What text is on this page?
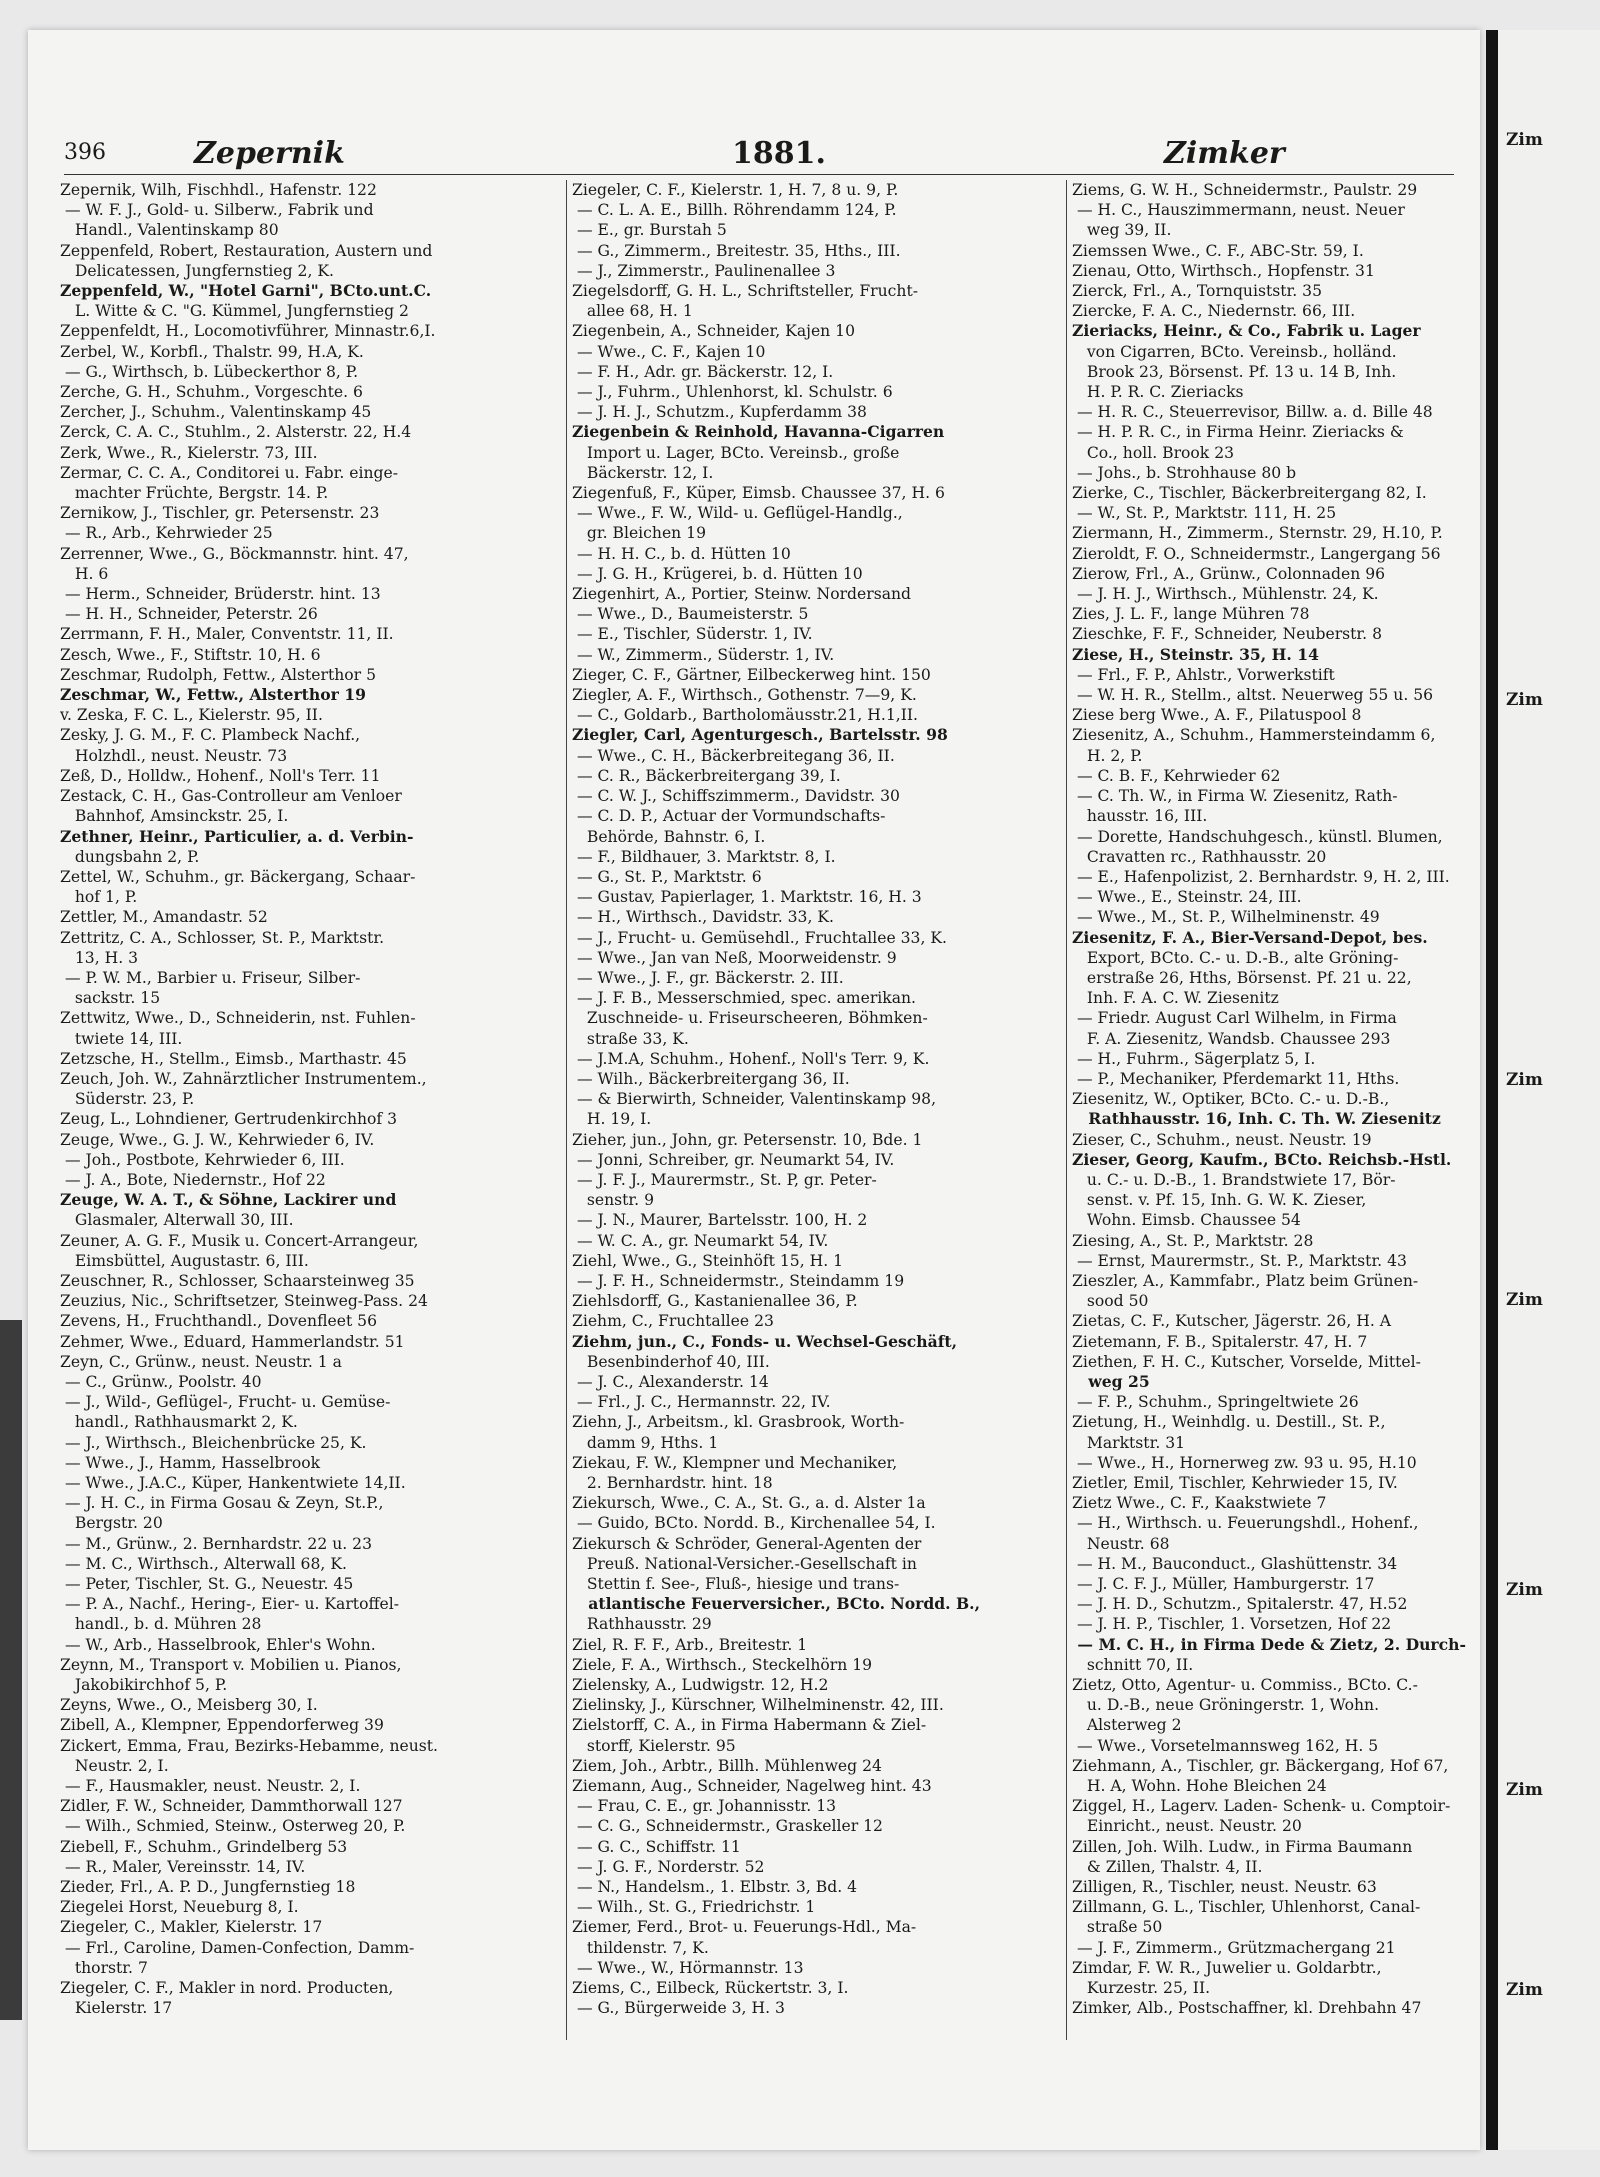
396	Zepernik	1881.	Zimker
Zepernik, Wilh, Fischhdl., Hafenstr. 122
— W. F. J., Gold- u. Silberw., Fabrik und
Handl., Valentinskamp 80
Zeppenfeld, Robert, Restauration, Austern und
Delicatessen, Jungfernstieg 2, K.
Zeppenfeld, W., "Hotel Garni", BCto.unt.C.
L. Witte & C. "G. Kümmel, Jungfernstieg 2
Zeppenfeldt, H., Locomotivführer, Minnastr.6,I.
Zerbel, W., Korbfl., Thalstr. 99, H.A, K.
— G., Wirthsch, b. Lübeckerthor 8, P.
Zerche, G. H., Schuhm., Vorgeschte. 6
Zercher, J., Schuhm., Valentinskamp 45
Zerck, C. A. C., Stuhlm., 2. Alsterstr. 22, H.4
Zerk, Wwe., R., Kielerstr. 73, III.
Zermar, C. C. A., Conditorei u. Fabr. einge-
machter Früchte, Bergstr. 14. P.
Zernikow, J., Tischler, gr. Petersenstr. 23
— R., Arb., Kehrwieder 25
Zerrenner, Wwe., G., Böckmannstr. hint. 47,
H. 6
— Herm., Schneider, Brüderstr. hint. 13
— H. H., Schneider, Peterstr. 26
Zerrmann, F. H., Maler, Conventstr. 11, II.
Zesch, Wwe., F., Stiftstr. 10, H. 6
Zeschmar, Rudolph, Fettw., Alsterthor 5
Zeschmar, W., Fettw., Alsterthor 19
v. Zeska, F. C. L., Kielerstr. 95, II.
Zesky, J. G. M., F. C. Plambeck Nachf.,
Holzhdl., neust. Neustr. 73
Zeß, D., Holldw., Hohenf., Noll's Terr. 11
Zestack, C. H., Gas-Controlleur am Venloer
Bahnhof, Amsinckstr. 25, I.
Zethner, Heinr., Particulier, a. d. Verbin-
dungsbahn 2, P.
Zettel, W., Schuhm., gr. Bäckergang, Schaar-
hof 1, P.
Zettler, M., Amandastr. 52
Zettritz, C. A., Schlosser, St. P., Marktstr.
13, H. 3
— P. W. M., Barbier u. Friseur, Silber-
sackstr. 15
Zettwitz, Wwe., D., Schneiderin, nst. Fuhlen-
twiete 14, III.
Zetzsche, H., Stellm., Eimsb., Marthastr. 45
Zeuch, Joh. W., Zahnärztlicher Instrumentem.,
Süderstr. 23, P.
Zeug, L., Lohndiener, Gertrudenkirchhof 3
Zeuge, Wwe., G. J. W., Kehrwieder 6, IV.
— Joh., Postbote, Kehrwieder 6, III.
— J. A., Bote, Niedernstr., Hof 22
Zeuge, W. A. T., & Söhne, Lackirer und
Glasmaler, Alterwall 30, III.
Zeuner, A. G. F., Musik u. Concert-Arrangeur,
Eimsbüttel, Augustastr. 6, III.
Zeuschner, R., Schlosser, Schaarsteinweg 35
Zeuzius, Nic., Schriftsetzer, Steinweg-Pass. 24
Zevens, H., Fruchthandl., Dovenfleet 56
Zehmer, Wwe., Eduard, Hammerlandstr. 51
Zeyn, C., Grünw., neust. Neustr. 1 a
— C., Grünw., Poolstr. 40
— J., Wild-, Geflügel-, Frucht- u. Gemüse-
handl., Rathhausmarkt 2, K.
— J., Wirthsch., Bleichenbrücke 25, K.
— Wwe., J., Hamm, Hasselbrook
— Wwe., J.A.C., Küper, Hankentwiete 14,II.
— J. H. C., in Firma Gosau & Zeyn, St.P.,
Bergstr. 20
— M., Grünw., 2. Bernhardstr. 22 u. 23
— M. C., Wirthsch., Alterwall 68, K.
— Peter, Tischler, St. G., Neuestr. 45
— P. A., Nachf., Hering-, Eier- u. Kartoffel-
handl., b. d. Mühren 28
— W., Arb., Hasselbrook, Ehler's Wohn.
Zeynn, M., Transport v. Mobilien u. Pianos,
Jakobikirchhof 5, P.
Zeyns, Wwe., O., Meisberg 30, I.
Zibell, A., Klempner, Eppendorferweg 39
Zickert, Emma, Frau, Bezirks-Hebamme, neust.
Neustr. 2, I.
— F., Hausmakler, neust. Neustr. 2, I.
Zidler, F. W., Schneider, Dammthorwall 127
— Wilh., Schmied, Steinw., Osterweg 20, P.
Ziebell, F., Schuhm., Grindelberg 53
— R., Maler, Vereinsstr. 14, IV.
Zieder, Frl., A. P. D., Jungfernstieg 18
Ziegelei Horst, Neueburg 8, I.
Ziegeler, C., Makler, Kielerstr. 17
— Frl., Caroline, Damen-Confection, Damm-
thorstr. 7
Ziegeler, C. F., Makler in nord. Producten,
Kielerstr. 17
Ziegeler, C. F., Kielerstr. 1, H. 7, 8 u. 9, P.
— C. L. A. E., Billh. Röhrendamm 124, P.
— E., gr. Burstah 5
— G., Zimmerm., Breitestr. 35, Hths., III.
— J., Zimmerstr., Paulinenallee 3
Ziegelsdorff, G. H. L., Schriftsteller, Frucht-
allee 68, H. 1
Ziegenbein, A., Schneider, Kajen 10
— Wwe., C. F., Kajen 10
— F. H., Adr. gr. Bäckerstr. 12, I.
— J., Fuhrm., Uhlenhorst, kl. Schulstr. 6
— J. H. J., Schutzm., Kupferdamm 38
Ziegenbein & Reinhold, Havanna-Cigarren
Import u. Lager, BCto. Vereinsb., große
Bäckerstr. 12, I.
Ziegenfuß, F., Küper, Eimsb. Chaussee 37, H. 6
— Wwe., F. W., Wild- u. Geflügel-Handlg.,
gr. Bleichen 19
— H. H. C., b. d. Hütten 10
— J. G. H., Krügerei, b. d. Hütten 10
Ziegenhirt, A., Portier, Steinw. Nordersand
— Wwe., D., Baumeisterstr. 5
— E., Tischler, Süderstr. 1, IV.
— W., Zimmerm., Süderstr. 1, IV.
Zieger, C. F., Gärtner, Eilbeckerweg hint. 150
Ziegler, A. F., Wirthsch., Gothenstr. 7—9, K.
— C., Goldarb., Bartholomäusstr.21, H.1,II.
Ziegler, Carl, Agenturgesch., Bartelsstr. 98
— Wwe., C. H., Bäckerbreitegang 36, II.
— C. R., Bäckerbreitergang 39, I.
— C. W. J., Schiffszimmerm., Davidstr. 30
— C. D. P., Actuar der Vormundschafts-
Behörde, Bahnstr. 6, I.
— F., Bildhauer, 3. Marktstr. 8, I.
— G., St. P., Marktstr. 6
— Gustav, Papierlager, 1. Marktstr. 16, H. 3
— H., Wirthsch., Davidstr. 33, K.
— J., Frucht- u. Gemüsehdl., Fruchtallee 33, K.
— Wwe., Jan van Neß, Moorweidenstr. 9
— Wwe., J. F., gr. Bäckerstr. 2. III.
— J. F. B., Messerschmied, spec. amerikan.
Zuschneide- u. Friseurscheeren, Böhmken-
straße 33, K.
— J.M.A, Schuhm., Hohenf., Noll's Terr. 9, K.
— Wilh., Bäckerbreitergang 36, II.
— & Bierwirth, Schneider, Valentinskamp 98,
H. 19, I.
Zieher, jun., John, gr. Petersenstr. 10, Bde. 1
— Jonni, Schreiber, gr. Neumarkt 54, IV.
— J. F. J., Maurermstr., St. P, gr. Peter-
senstr. 9
— J. N., Maurer, Bartelsstr. 100, H. 2
— W. C. A., gr. Neumarkt 54, IV.
Ziehl, Wwe., G., Steinhöft 15, H. 1
— J. F. H., Schneidermstr., Steindamm 19
Ziehlsdorff, G., Kastanienallee 36, P.
Ziehm, C., Fruchtallee 23
Ziehm, jun., C., Fonds- u. Wechsel-Geschäft,
Besenbinderhof 40, III.
— J. C., Alexanderstr. 14
— Frl., J. C., Hermannstr. 22, IV.
Ziehn, J., Arbeitsm., kl. Grasbrook, Worth-
damm 9, Hths. 1
Ziekau, F. W., Klempner und Mechaniker,
2. Bernhardstr. hint. 18
Ziekursch, Wwe., C. A., St. G., a. d. Alster 1a
— Guido, BCto. Nordd. B., Kirchenallee 54, I.
Ziekursch & Schröder, General-Agenten der
Preuß. National-Versicher.-Gesellschaft in
Stettin f. See-, Fluß-, hiesige und trans-
atlantische Feuerversicher., BCto. Nordd. B.,
Rathhausstr. 29
Ziel, R. F. F., Arb., Breitestr. 1
Ziele, F. A., Wirthsch., Steckelhörn 19
Zielensky, A., Ludwigstr. 12, H.2
Zielinsky, J., Kürschner, Wilhelminenstr. 42, III.
Zielstorff, C. A., in Firma Habermann & Ziel-
storff, Kielerstr. 95
Ziem, Joh., Arbtr., Billh. Mühlenweg 24
Ziemann, Aug., Schneider, Nagelweg hint. 43
— Frau, C. E., gr. Johannisstr. 13
— C. G., Schneidermstr., Graskeller 12
— G. C., Schiffstr. 11
— J. G. F., Norderstr. 52
— N., Handelsm., 1. Elbstr. 3, Bd. 4
— Wilh., St. G., Friedrichstr. 1
Ziemer, Ferd., Brot- u. Feuerungs-Hdl., Ma-
thildenstr. 7, K.
— Wwe., W., Hörmannstr. 13
Ziems, C., Eilbeck, Rückertstr. 3, I.
— G., Bürgerweide 3, H. 3
Ziems, G. W. H., Schneidermstr., Paulstr. 29
— H. C., Hauszimmermann, neust. Neuer
weg 39, II.
Ziemssen Wwe., C. F., ABC-Str. 59, I.
Zienau, Otto, Wirthsch., Hopfenstr. 31
Zierck, Frl., A., Tornquiststr. 35
Ziercke, F. A. C., Niedernstr. 66, III.
Zieriacks, Heinr., & Co., Fabrik u. Lager
von Cigarren, BCto. Vereinsb., holländ.
Brook 23, Börsenst. Pf. 13 u. 14 B, Inh.
H. P. R. C. Zieriacks
— H. R. C., Steuerrevisor, Billw. a. d. Bille 48
— H. P. R. C., in Firma Heinr. Zieriacks &
Co., holl. Brook 23
— Johs., b. Strohhause 80 b
Zierke, C., Tischler, Bäckerbreitergang 82, I.
— W., St. P., Marktstr. 111, H. 25
Ziermann, H., Zimmerm., Sternstr. 29, H.10, P.
Zieroldt, F. O., Schneidermstr., Langergang 56
Zierow, Frl., A., Grünw., Colonnaden 96
— J. H. J., Wirthsch., Mühlenstr. 24, K.
Zies, J. L. F., lange Mühren 78
Zieschke, F. F., Schneider, Neuberstr. 8
Ziese, H., Steinstr. 35, H. 14
— Frl., F. P., Ahlstr., Vorwerkstift
— W. H. R., Stellm., altst. Neuerweg 55 u. 56
Ziese berg Wwe., A. F., Pilatuspool 8
Ziesenitz, A., Schuhm., Hammersteindamm 6,
H. 2, P.
— C. B. F., Kehrwieder 62
— C. Th. W., in Firma W. Ziesenitz, Rath-
hausstr. 16, III.
— Dorette, Handschuhgesch., künstl. Blumen,
Cravatten rc., Rathhausstr. 20
— E., Hafenpolizist, 2. Bernhardstr. 9, H. 2, III.
— Wwe., E., Steinstr. 24, III.
— Wwe., M., St. P., Wilhelminenstr. 49
Ziesenitz, F. A., Bier-Versand-Depot, bes.
Export, BCto. C.- u. D.-B., alte Gröning-
erstraße 26, Hths, Börsenst. Pf. 21 u. 22,
Inh. F. A. C. W. Ziesenitz
— Friedr. August Carl Wilhelm, in Firma
F. A. Ziesenitz, Wandsb. Chaussee 293
— H., Fuhrm., Sägerplatz 5, I.
— P., Mechaniker, Pferdemarkt 11, Hths.
Ziesenitz, W., Optiker, BCto. C.- u. D.-B.,
Rathhausstr. 16, Inh. C. Th. W. Ziesenitz
Zieser, C., Schuhm., neust. Neustr. 19
Zieser, Georg, Kaufm., BCto. Reichsb.-Hstl.
u. C.- u. D.-B., 1. Brandstwiete 17, Bör-
senst. v. Pf. 15, Inh. G. W. K. Zieser,
Wohn. Eimsb. Chaussee 54
Ziesing, A., St. P., Marktstr. 28
— Ernst, Maurermstr., St. P., Marktstr. 43
Zieszler, A., Kammfabr., Platz beim Grünen-
sood 50
Zietas, C. F., Kutscher, Jägerstr. 26, H. A
Zietemann, F. B., Spitalerstr. 47, H. 7
Ziethen, F. H. C., Kutscher, Vorselde, Mittel-
weg 25
— F. P., Schuhm., Springeltwiete 26
Zietung, H., Weinhdlg. u. Destill., St. P.,
Marktstr. 31
— Wwe., H., Hornerweg zw. 93 u. 95, H.10
Zietler, Emil, Tischler, Kehrwieder 15, IV.
Zietz Wwe., C. F., Kaakstwiete 7
— H., Wirthsch. u. Feuerungshdl., Hohenf.,
Neustr. 68
— H. M., Bauconduct., Glashüttenstr. 34
— J. C. F. J., Müller, Hamburgerstr. 17
— J. H. D., Schutzm., Spitalerstr. 47, H.52
— J. H. P., Tischler, 1. Vorsetzen, Hof 22
— M. C. H., in Firma Dede & Zietz, 2. Durch-
schnitt 70, II.
Zietz, Otto, Agentur- u. Commiss., BCto. C.-
u. D.-B., neue Gröningerstr. 1, Wohn.
Alsterweg 2
— Wwe., Vorsetelmannsweg 162, H. 5
Ziehmann, A., Tischler, gr. Bäckergang, Hof 67,
H. A, Wohn. Hohe Bleichen 24
Ziggel, H., Lagerv. Laden- Schenk- u. Comptoir-
Einricht., neust. Neustr. 20
Zillen, Joh. Wilh. Ludw., in Firma Baumann
& Zillen, Thalstr. 4, II.
Zilligen, R., Tischler, neust. Neustr. 63
Zillmann, G. L., Tischler, Uhlenhorst, Canal-
straße 50
— J. F., Zimmerm., Grützmachergang 21
Zimdar, F. W. R., Juwelier u. Goldarbtr.,
Kurzestr. 25, II.
Zimker, Alb., Postschaffner, kl. Drehbahn 47
Zim
Zim
Zim
Zim
Zim
Zim
Zim
